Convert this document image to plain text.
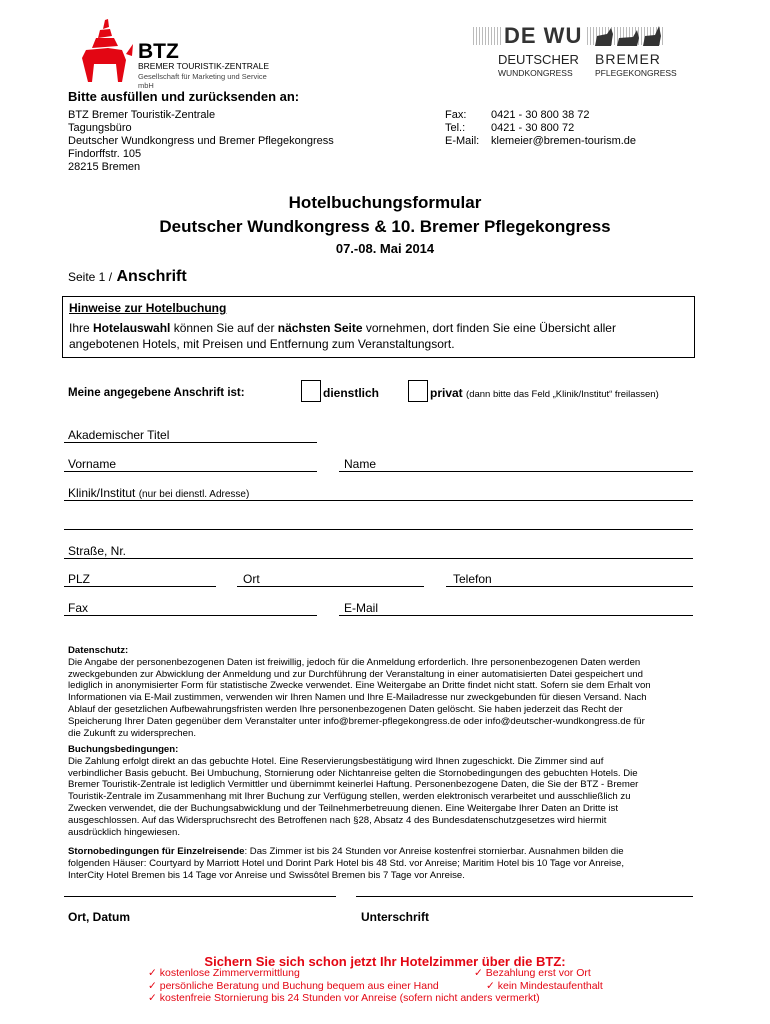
BTZ
BREMER TOURISTIK-ZENTRALE
Gesellschaft für Marketing und Service mbH
DE WU
DEUTSCHER
WUNDKONGRESS
BREMER
PFLEGEKONGRESS
Bitte ausfüllen und zurücksenden an:
BTZ Bremer Touristik-Zentrale
Tagungsbüro
Deutscher Wundkongress und Bremer Pflegekongress
Findorffstr. 105
28215 Bremen
Fax: 0421 - 30 800 38 72
Tel.: 0421 - 30 800 72
E-Mail: klemeier@bremen-tourism.de
Hotelbuchungsformular
Deutscher Wundkongress & 10. Bremer Pflegekongress
07.-08. Mai 2014
Seite 1 / Anschrift
Hinweise zur Hotelbuchung
Ihre Hotelauswahl können Sie auf der nächsten Seite vornehmen, dort finden Sie eine Übersicht aller
angebotenen Hotels, mit Preisen und Entfernung zum Veranstaltungsort.
Meine angegebene Anschrift ist:	dienstlich	privat (dann bitte das Feld „Klinik/Institut“ freilassen)
Akademischer Titel
Vorname	Name
Klinik/Institut (nur bei dienstl. Adresse)
Straße, Nr.
PLZ	Ort	Telefon
Fax	E-Mail
Datenschutz:
Die Angabe der personenbezogenen Daten ist freiwillig, jedoch für die Anmeldung erforderlich. Ihre personenbezogenen Daten werden
zweckgebunden zur Abwicklung der Anmeldung und zur Durchführung der Veranstaltung in einer automatisierten Datei gespeichert und
lediglich in anonymisierter Form für statistische Zwecke verwendet. Eine Weitergabe an Dritte findet nicht statt. Sofern sie dem Erhalt von
Informationen via E-Mail zustimmen, verwenden wir Ihren Namen und Ihre E-Mailadresse nur zweckgebunden für diesen Versand. Nach
Ablauf der gesetzlichen Aufbewahrungsfristen werden Ihre personenbezogenen Daten gelöscht. Sie haben jederzeit das Recht der
Speicherung Ihrer Daten gegenüber dem Veranstalter unter info@bremer-pflegekongress.de oder info@deutscher-wundkongress.de für
die Zukunft zu widersprechen.
Buchungsbedingungen:
Die Zahlung erfolgt direkt an das gebuchte Hotel. Eine Reservierungsbestätigung wird Ihnen zugeschickt. Die Zimmer sind auf
verbindlicher Basis gebucht. Bei Umbuchung, Stornierung oder Nichtanreise gelten die Stornobedingungen des gebuchten Hotels. Die
Bremer Touristik-Zentrale ist lediglich Vermittler und übernimmt keinerlei Haftung. Personenbezogene Daten, die Sie der BTZ - Bremer
Touristik-Zentrale im Zusammenhang mit Ihrer Buchung zur Verfügung stellen, werden elektronisch verarbeitet und ausschließlich zu
Zwecken verwendet, die der Buchungsabwicklung und der Teilnehmerbetreuung dienen. Eine Weitergabe Ihrer Daten an Dritte ist
ausgeschlossen. Auf das Widerspruchsrecht des Betroffenen nach §28, Absatz 4 des Bundesdatenschutzgesetzes wird hiermit
ausdrücklich hingewiesen.
Stornobedingungen für Einzelreisende: Das Zimmer ist bis 24 Stunden vor Anreise kostenfrei stornierbar. Ausnahmen bilden die
folgenden Häuser: Courtyard by Marriott Hotel und Dorint Park Hotel bis 48 Std. vor Anreise; Maritim Hotel bis 10 Tage vor Anreise,
InterCity Hotel Bremen bis 14 Tage vor Anreise und Swissôtel Bremen bis 7 Tage vor Anreise.
Ort, Datum	Unterschrift
Sichern Sie sich schon jetzt Ihr Hotelzimmer über die BTZ:
✓ kostenlose Zimmervermittlung
✓ persönliche Beratung und Buchung bequem aus einer Hand
✓ kostenfreie Stornierung bis 24 Stunden vor Anreise (sofern nicht anders vermerkt)
✓ Bezahlung erst vor Ort
✓ kein Mindestaufenthalt
